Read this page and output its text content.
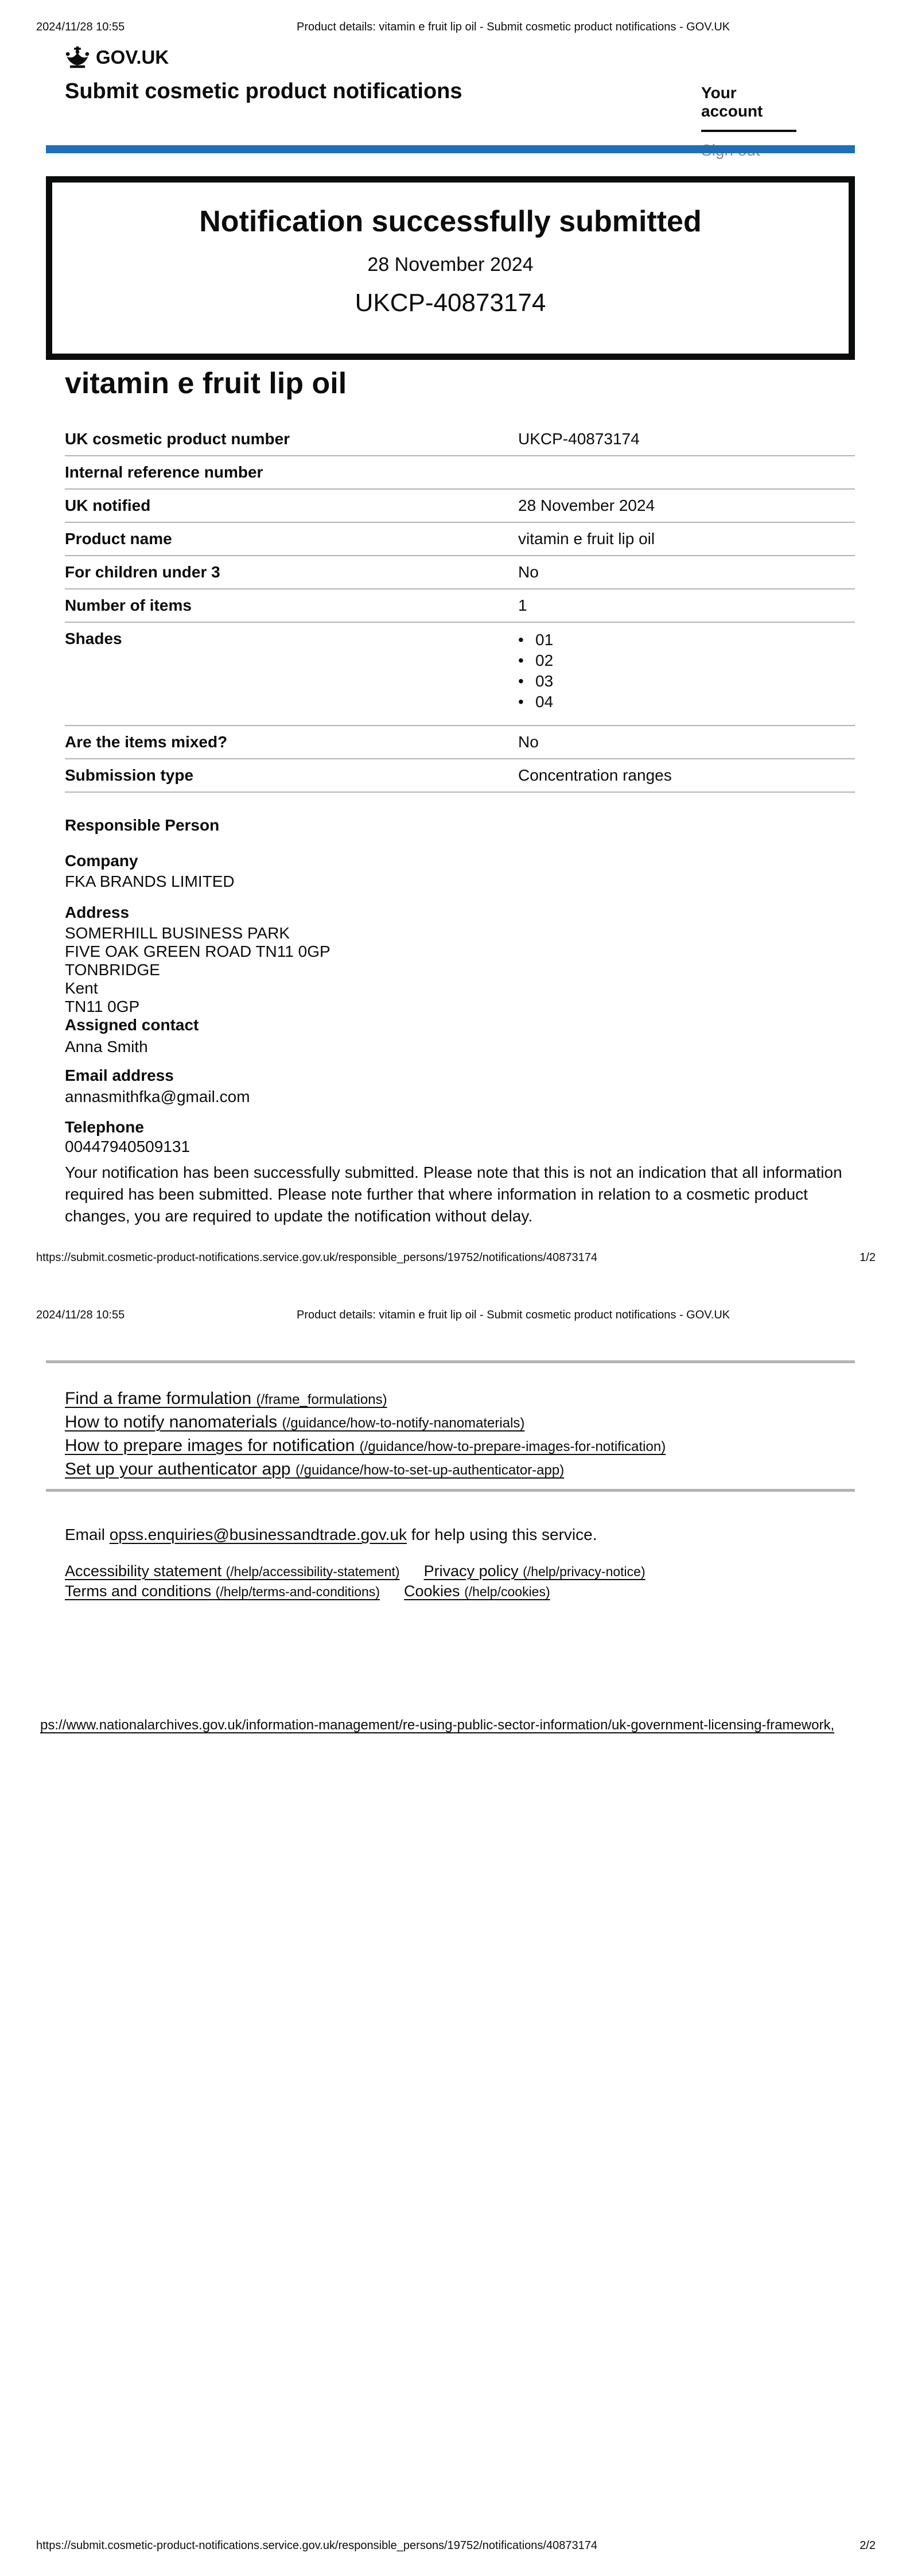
2024/11/28 10:55	Product details: vitamin e fruit lip oil - Submit cosmetic product notifications - GOV.UK
GOV.UK
Submit cosmetic product notifications	Your account
Notification successfully submitted
28 November 2024
UKCP-40873174
vitamin e fruit lip oil
UK cosmetic product number	UKCP-40873174
Internal reference number
UK notified	28 November 2024
Product name	vitamin e fruit lip oil
For children under 3	No
Number of items	1
Shades	• 01
• 02
• 03
• 04
Are the items mixed?	No
Submission type	Concentration ranges
Responsible Person
Company
FKA BRANDS LIMITED
Address
SOMERHILL BUSINESS PARK
FIVE OAK GREEN ROAD TN11 0GP
TONBRIDGE
Kent
TN11 0GP
Assigned contact
Anna Smith
Email address
annasmithfka@gmail.com
Telephone
00447940509131

Your notification has been successfully submitted. Please note that this is not an indication that all information required has been submitted. Please note further that where information in relation to a cosmetic product changes, you are required to update the notification without delay.

https://submit.cosmetic-product-notifications.service.gov.uk/responsible_persons/19752/notifications/40873174	1/2
2024/11/28 10:55	Product details: vitamin e fruit lip oil - Submit cosmetic product notifications - GOV.UK
Find a frame formulation (/frame_formulations)
How to notify nanomaterials (/guidance/how-to-notify-nanomaterials)
How to prepare images for notification (/guidance/how-to-prepare-images-for-notification)
Set up your authenticator app (/guidance/how-to-set-up-authenticator-app)
Email opss.enquiries@businessandtrade.gov.uk for help using this service.
Accessibility statement (/help/accessibility-statement) Privacy policy (/help/privacy-notice)
Terms and conditions (/help/terms-and-conditions) Cookies (/help/cookies)
ps://www.nationalarchives.gov.uk/information-management/re-using-public-sector-information/uk-government-licensing-framework,
https://submit.cosmetic-product-notifications.service.gov.uk/responsible_persons/19752/notifications/40873174	2/2
